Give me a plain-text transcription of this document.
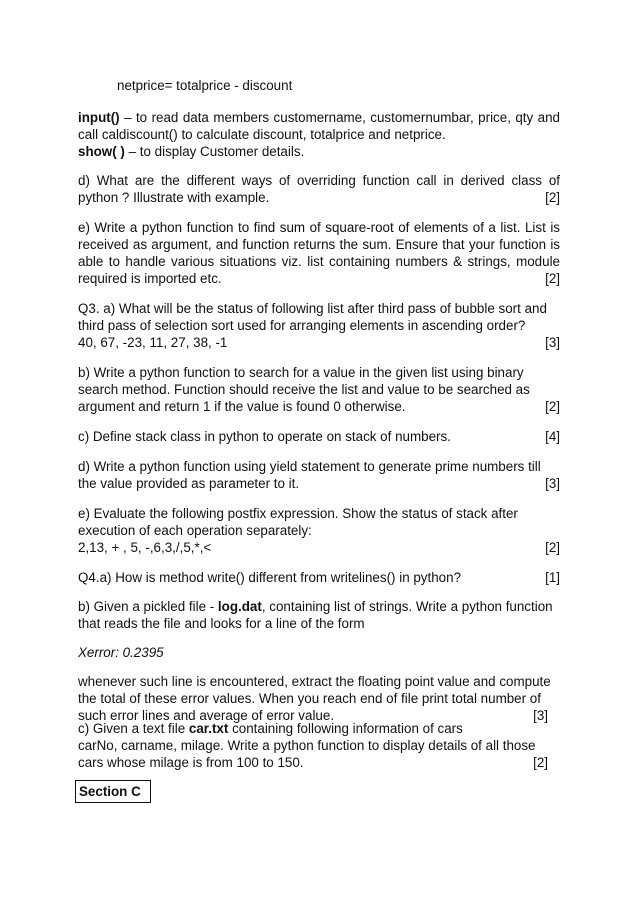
netprice= totalprice - discount
input() – to read data members customername, customernumbar, price, qty and
call caldiscount() to calculate discount, totalprice and netprice.
show( ) – to display Customer details.
d) What are the different ways of overriding function call in derived class of
python ? Illustrate with example.	[2]
e) Write a python function to find sum of square-root of elements of a list. List is
received as argument, and function returns the sum. Ensure that your function is
able to handle various situations viz. list containing numbers & strings, module
required is imported etc.	[2]
Q3. a) What will be the status of following list after third pass of bubble sort and
third pass of selection sort used for arranging elements in ascending order?
40, 67, -23, 11, 27, 38, -1	[3]
b) Write a python function to search for a value in the given list using binary
search method. Function should receive the list and value to be searched as
argument and return 1 if the value is found 0 otherwise.	[2]
c) Define stack class in python to operate on stack of numbers.	[4]
d) Write a python function using yield statement to generate prime numbers till
the value provided as parameter to it.	[3]
e) Evaluate the following postfix expression. Show the status of stack after
execution of each operation separately:
2,13, + , 5, -,6,3,/,5,*,<	[2]
Q4.a) How is method write() different from writelines() in python?	[1]
b) Given a pickled file - log.dat, containing list of strings. Write a python function
that reads the file and looks for a line of the form
Xerror: 0.2395
whenever such line is encountered, extract the floating point value and compute
the total of these error values. When you reach end of file print total number of
such error lines and average of error value.	[3]
c) Given a text file car.txt containing following information of cars
carNo, carname, milage. Write a python function to display details of all those
cars whose milage is from 100 to 150.	[2]
Section C
